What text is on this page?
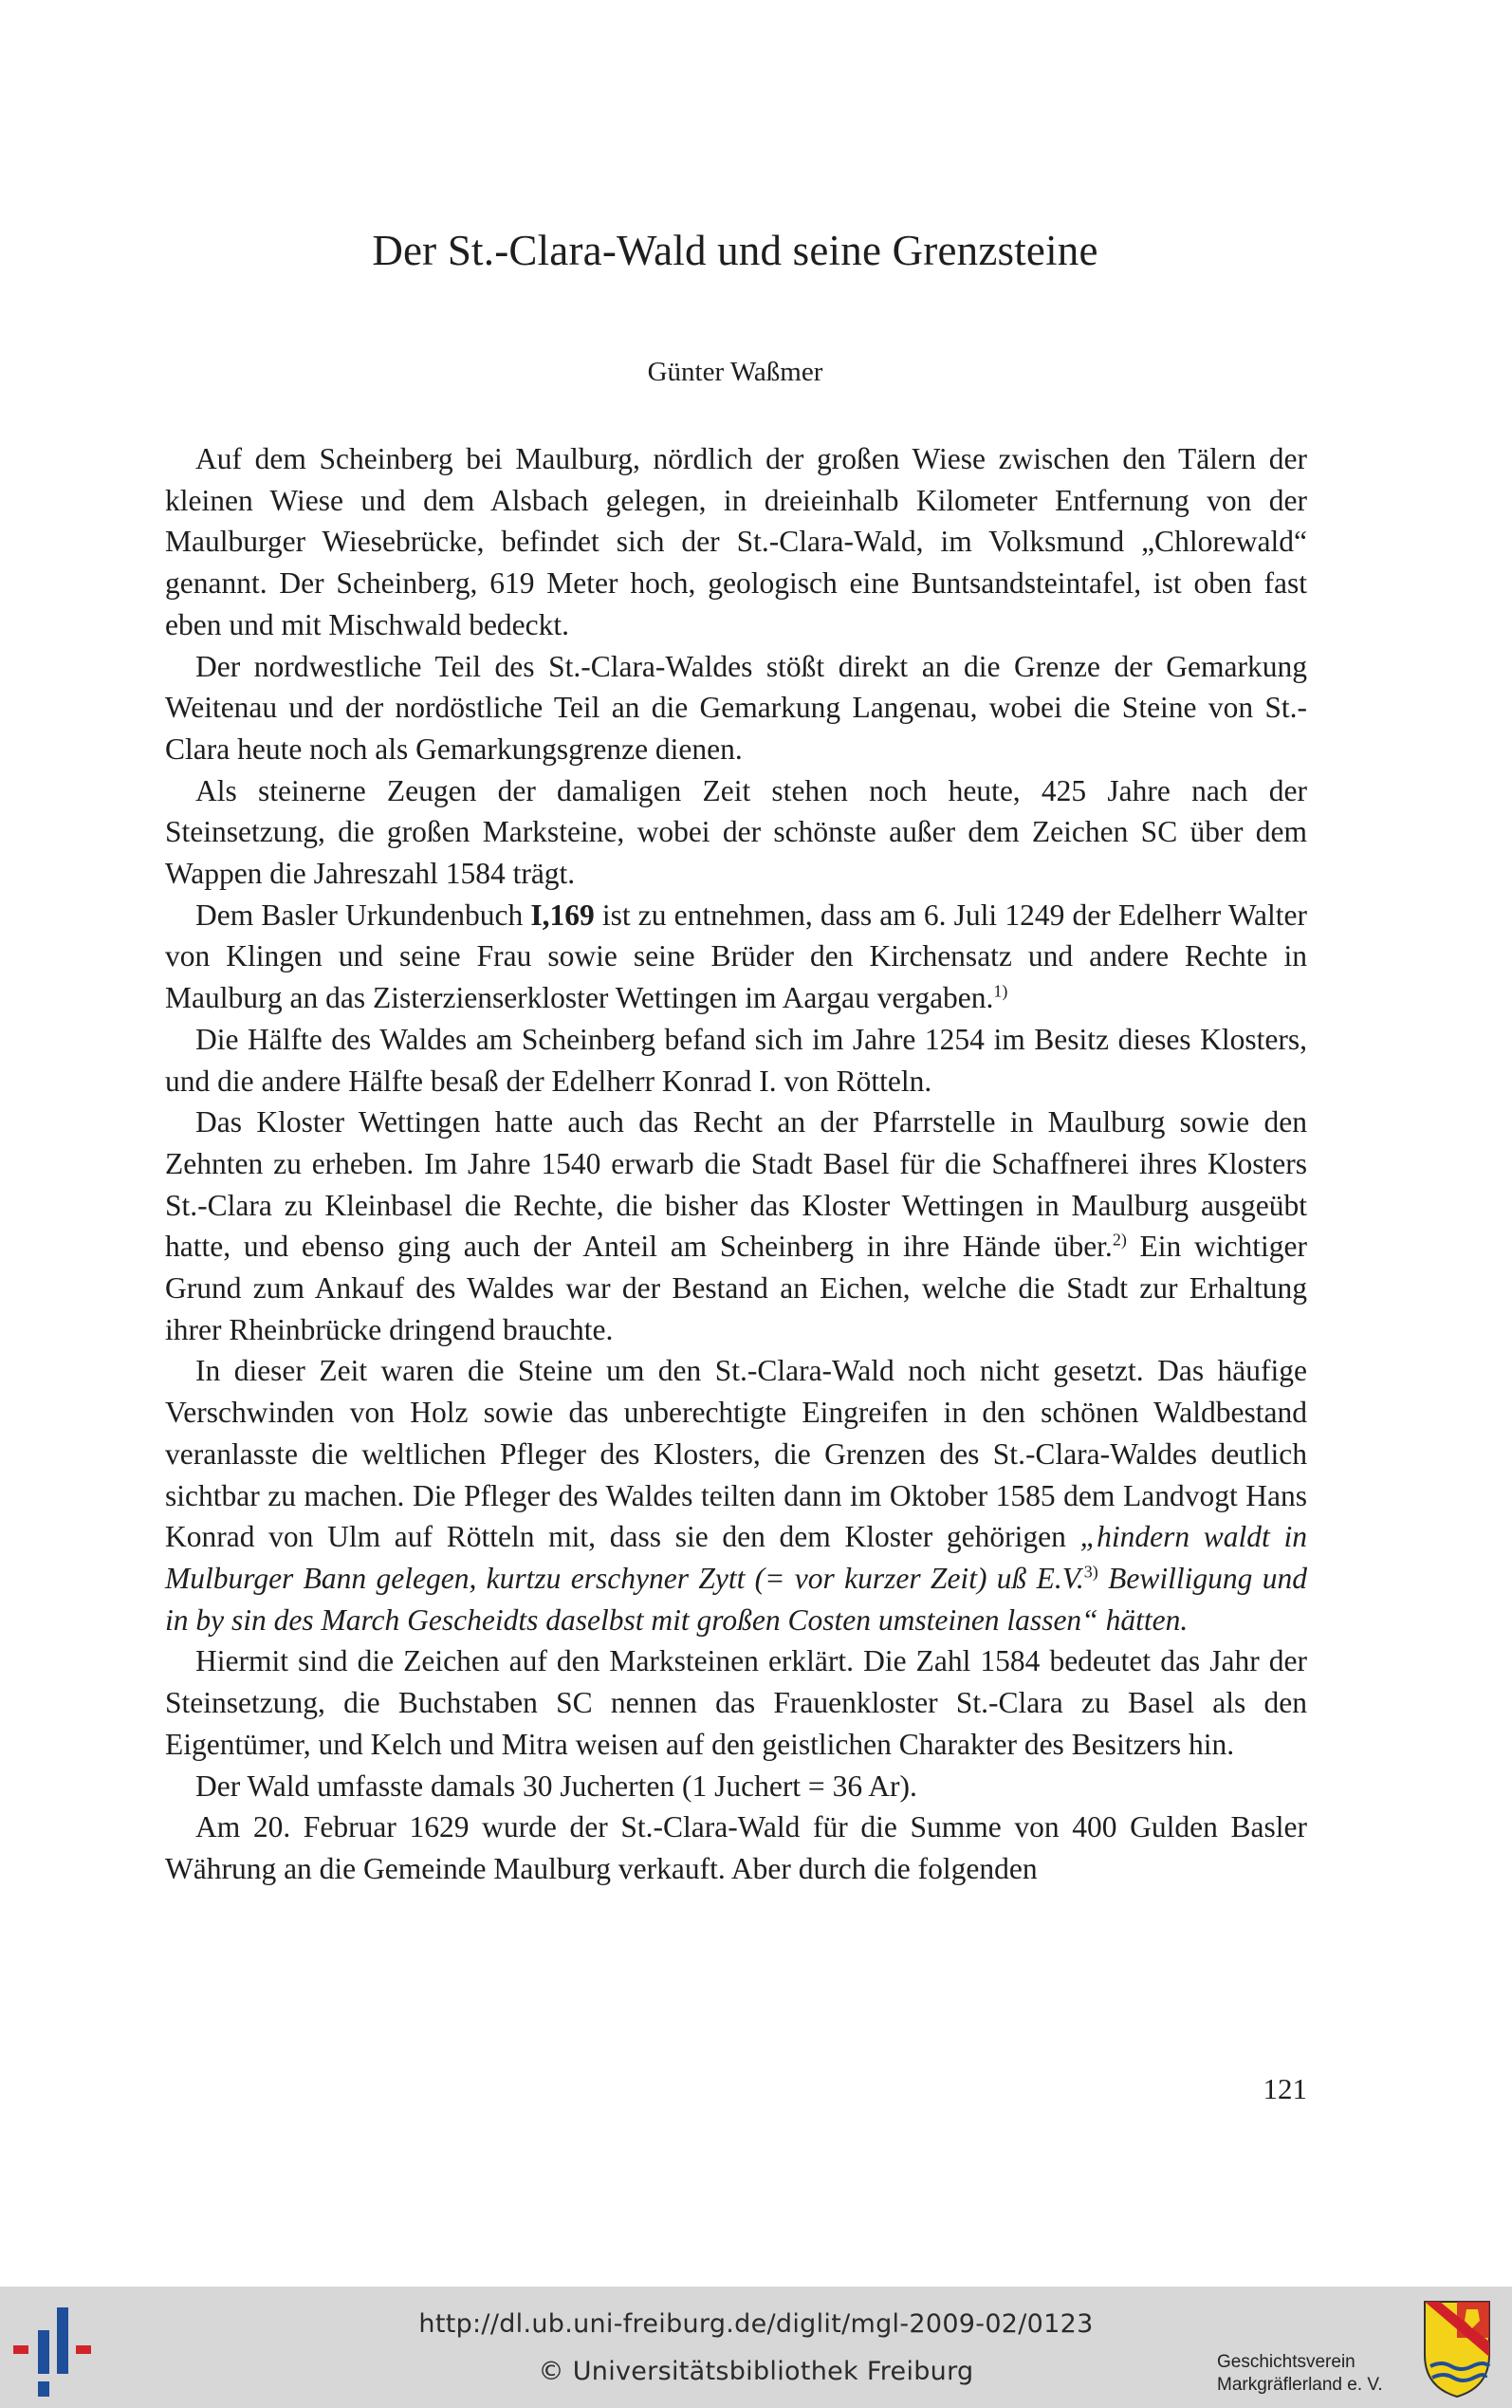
Der St.-Clara-Wald und seine Grenzsteine
Günter Waßmer

Auf dem Scheinberg bei Maulburg, nördlich der großen Wiese zwischen den Tälern der kleinen Wiese und dem Alsbach gelegen, in dreieinhalb Kilometer Entfernung von der Maulburger Wiesebrücke, befindet sich der St.-Clara-Wald, im Volksmund „Chlorewald“ genannt. Der Scheinberg, 619 Meter hoch, geologisch eine Buntsandsteintafel, ist oben fast eben und mit Mischwald bedeckt.

Der nordwestliche Teil des St.-Clara-Waldes stößt direkt an die Grenze der Gemarkung Weitenau und der nordöstliche Teil an die Gemarkung Langenau, wobei die Steine von St.-Clara heute noch als Gemarkungsgrenze dienen.

Als steinerne Zeugen der damaligen Zeit stehen noch heute, 425 Jahre nach der Steinsetzung, die großen Marksteine, wobei der schönste außer dem Zeichen SC über dem Wappen die Jahreszahl 1584 trägt.

Dem Basler Urkundenbuch I,169 ist zu entnehmen, dass am 6. Juli 1249 der Edelherr Walter von Klingen und seine Frau sowie seine Brüder den Kirchensatz und andere Rechte in Maulburg an das Zisterzienserkloster Wettingen im Aargau vergaben.$^{1)}$

Die Hälfte des Waldes am Scheinberg befand sich im Jahre 1254 im Besitz dieses Klosters, und die andere Hälfte besaß der Edelherr Konrad I. von Rötteln.

Das Kloster Wettingen hatte auch das Recht an der Pfarrstelle in Maulburg sowie den Zehnten zu erheben. Im Jahre 1540 erwarb die Stadt Basel für die Schaffnerei ihres Klosters St.-Clara zu Kleinbasel die Rechte, die bisher das Kloster Wettingen in Maulburg ausgeübt hatte, und ebenso ging auch der Anteil am Scheinberg in ihre Hände über.$^{2)}$ Ein wichtiger Grund zum Ankauf des Waldes war der Bestand an Eichen, welche die Stadt zur Erhaltung ihrer Rheinbrücke dringend brauchte.

In dieser Zeit waren die Steine um den St.-Clara-Wald noch nicht gesetzt. Das häufige Verschwinden von Holz sowie das unberechtigte Eingreifen in den schönen Waldbestand veranlasste die weltlichen Pfleger des Klosters, die Grenzen des St.-Clara-Waldes deutlich sichtbar zu machen. Die Pfleger des Waldes teilten dann im Oktober 1585 dem Landvogt Hans Konrad von Ulm auf Rötteln mit, dass sie den dem Kloster gehörigen „hindern waldt in Mulburger Bann gelegen, kurtzu erschyner Zytt (= vor kurzer Zeit) uß E.V.$^{3)}$ Bewilligung und in by sin des March Gescheidts daselbst mit großen Costen umsteinen lassen“ hätten.

Hiermit sind die Zeichen auf den Marksteinen erklärt. Die Zahl 1584 bedeutet das Jahr der Steinsetzung, die Buchstaben SC nennen das Frauenkloster St.-Clara zu Basel als den Eigentümer, und Kelch und Mitra weisen auf den geistlichen Charakter des Besitzers hin.

Der Wald umfasste damals 30 Jucherten (1 Juchert = 36 Ar).

Am 20. Februar 1629 wurde der St.-Clara-Wald für die Summe von 400 Gulden Basler Währung an die Gemeinde Maulburg verkauft. Aber durch die folgenden

121
http://dl.ub.uni-freiburg.de/diglit/mgl-2009-02/0123
© Universitätsbibliothek Freiburg	Geschichtsverein
Markgräflerland e. V.
